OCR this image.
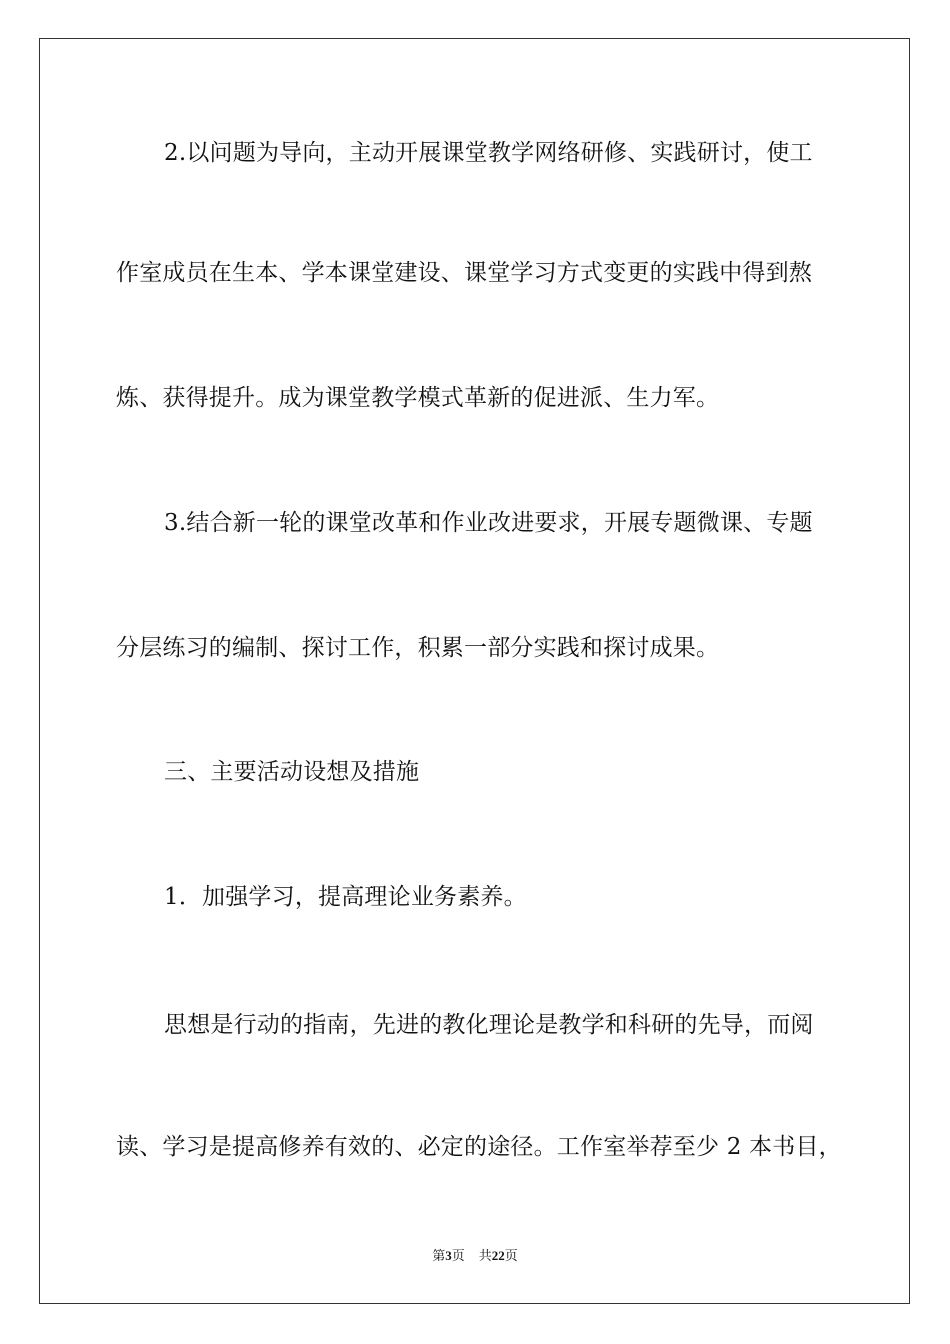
2.以问题为导向，主动开展课堂教学网络研修、实践研讨，使工
作室成员在生本、学本课堂建设、课堂学习方式变更的实践中得到熬
炼、获得提升。成为课堂教学模式革新的促进派、生力军。
3.结合新一轮的课堂改革和作业改进要求，开展专题微课、专题
分层练习的编制、探讨工作，积累一部分实践和探讨成果。
三、主要活动设想及措施
1．加强学习，提高理论业务素养。
思想是行动的指南，先进的教化理论是教学和科研的先导，而阅
读、学习是提高修养有效的、必定的途径。工作室举荐至少 2 本书目，
第3页 共22页
